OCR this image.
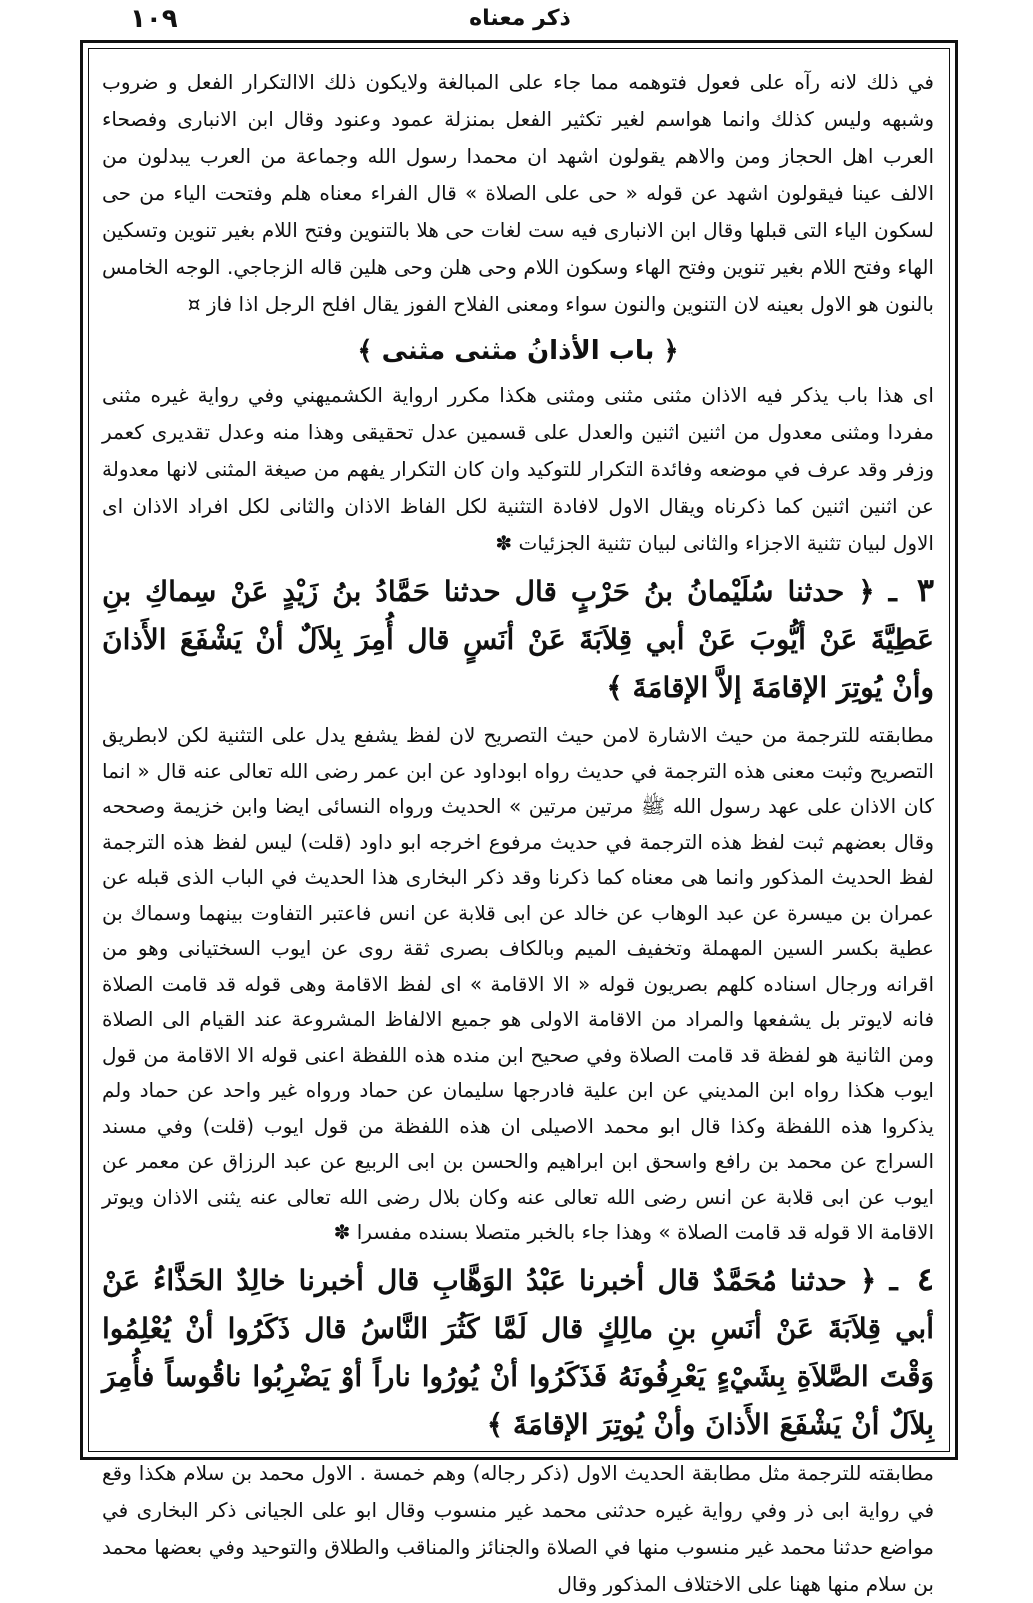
١٠٩	ذكر معناه

في ذلك لانه رآه على فعول فتوهمه مما جاء على المبالغة ولايكون ذلك الاالتكرار الفعل و ضروب وشبهه وليس كذلك وانما هواسم لغير تكثير الفعل بمنزلة عمود وعنود وقال ابن الانبارى وفصحاء العرب اهل الحجاز ومن والاهم يقولون اشهد ان محمدا رسول الله وجماعة من العرب يبدلون من الالف عينا فيقولون اشهد عن قوله « حى على الصلاة » قال الفراء معناه هلم وفتحت الياء من حى لسكون الياء التى قبلها وقال ابن الانبارى فيه ست لغات حى هلا بالتنوين وفتح اللام بغير تنوين وتسكين الهاء وفتح اللام بغير تنوين وفتح الهاء وسكون اللام وحى هلن وحى هلين قاله الزجاجي. الوجه الخامس بالنون هو الاول بعينه لان التنوين والنون سواء ومعنى الفلاح الفوز يقال افلح الرجل اذا فاز ¤

﴿ باب الأذانُ مثنى مثنى ﴾

اى هذا باب يذكر فيه الاذان مثنى مثنى ومثنى هكذا مكرر ارواية الكشميهني وفي رواية غيره مثنى مفردا ومثنى معدول من اثنين اثنين والعدل على قسمين عدل تحقيقى وهذا منه وعدل تقديرى كعمر وزفر وقد عرف في موضعه وفائدة التكرار للتوكيد وان كان التكرار يفهم من صيغة المثنى لانها معدولة عن اثنين اثنين كما ذكرناه ويقال الاول لافادة التثنية لكل الفاظ الاذان والثانى لكل افراد الاذان اى الاول لبيان تثنية الاجزاء والثانى لبيان تثنية الجزئيات ✽

٣ ـ ﴿ حدثنا سُلَيْمانُ بنُ حَرْبٍ قال حدثنا حَمَّادُ بنُ زَيْدٍ عَنْ سِماكِ بنِ عَطِيَّةَ عَنْ أيُّوبَ عَنْ أبي قِلاَبَةَ عَنْ أنَسٍ قال أُمِرَ بِلاَلٌ أنْ يَشْفَعَ الأَذانَ وأنْ يُوتِرَ الإقامَةَ إلاَّ الإقامَةَ ﴾

مطابقته للترجمة من حيث الاشارة لامن حيث التصريح لان لفظ يشفع يدل على التثنية لكن لابطريق التصريح وثبت معنى هذه الترجمة في حديث رواه ابوداود عن ابن عمر رضى الله تعالى عنه قال « انما كان الاذان على عهد رسول الله ﷺ مرتين مرتين » الحديث ورواه النسائى ايضا وابن خزيمة وصححه وقال بعضهم ثبت لفظ هذه الترجمة في حديث مرفوع اخرجه ابو داود (قلت) ليس لفظ هذه الترجمة لفظ الحديث المذكور وانما هى معناه كما ذكرنا وقد ذكر البخارى هذا الحديث في الباب الذى قبله عن عمران بن ميسرة عن عبد الوهاب عن خالد عن ابى قلابة عن انس فاعتبر التفاوت بينهما وسماك بن عطية بكسر السين المهملة وتخفيف الميم وبالكاف بصرى ثقة روى عن ايوب السختيانى وهو من اقرانه ورجال اسناده كلهم بصريون قوله « الا الاقامة » اى لفظ الاقامة وهى قوله قد قامت الصلاة فانه لايوتر بل يشفعها والمراد من الاقامة الاولى هو جميع الالفاظ المشروعة عند القيام الى الصلاة ومن الثانية هو لفظة قد قامت الصلاة وفي صحيح ابن منده هذه اللفظة اعنى قوله الا الاقامة من قول ايوب هكذا رواه ابن المديني عن ابن علية فادرجها سليمان عن حماد ورواه غير واحد عن حماد ولم يذكروا هذه اللفظة وكذا قال ابو محمد الاصيلى ان هذه اللفظة من قول ايوب (قلت) وفي مسند السراج عن محمد بن رافع واسحق ابن ابراهيم والحسن بن ابى الربيع عن عبد الرزاق عن معمر عن ايوب عن ابى قلابة عن انس رضى الله تعالى عنه وكان بلال رضى الله تعالى عنه يثنى الاذان ويوتر الاقامة الا قوله قد قامت الصلاة » وهذا جاء بالخبر متصلا بسنده مفسرا ✽

٤ ـ ﴿ حدثنا مُحَمَّدٌ قال أخبرنا عَبْدُ الوَهَّابِ قال أخبرنا خالِدٌ الحَذَّاءُ عَنْ أبي قِلاَبَةَ عَنْ أنَسِ بنِ مالِكٍ قال لَمَّا كَثُرَ النَّاسُ قال ذَكَرُوا أنْ يُعْلِمُوا وَقْتَ الصَّلاَةِ بِشَيْءٍ يَعْرِفُونَهُ فَذَكَرُوا أنْ يُورُوا ناراً أوْ يَضْرِبُوا ناقُوساً فأُمِرَ بِلاَلٌ أنْ يَشْفَعَ الأَذانَ وأنْ يُوتِرَ الإقامَةَ ﴾

مطابقته للترجمة مثل مطابقة الحديث الاول (ذكر رجاله) وهم خمسة . الاول محمد بن سلام هكذا وقع في رواية ابى ذر وفي رواية غيره حدثنى محمد غير منسوب وقال ابو على الجيانى ذكر البخارى في مواضع حدثنا محمد غير منسوب منها في الصلاة والجنائز والمناقب والطلاق والتوحيد وفي بعضها محمد بن سلام منها ههنا على الاختلاف المذكور وقال
